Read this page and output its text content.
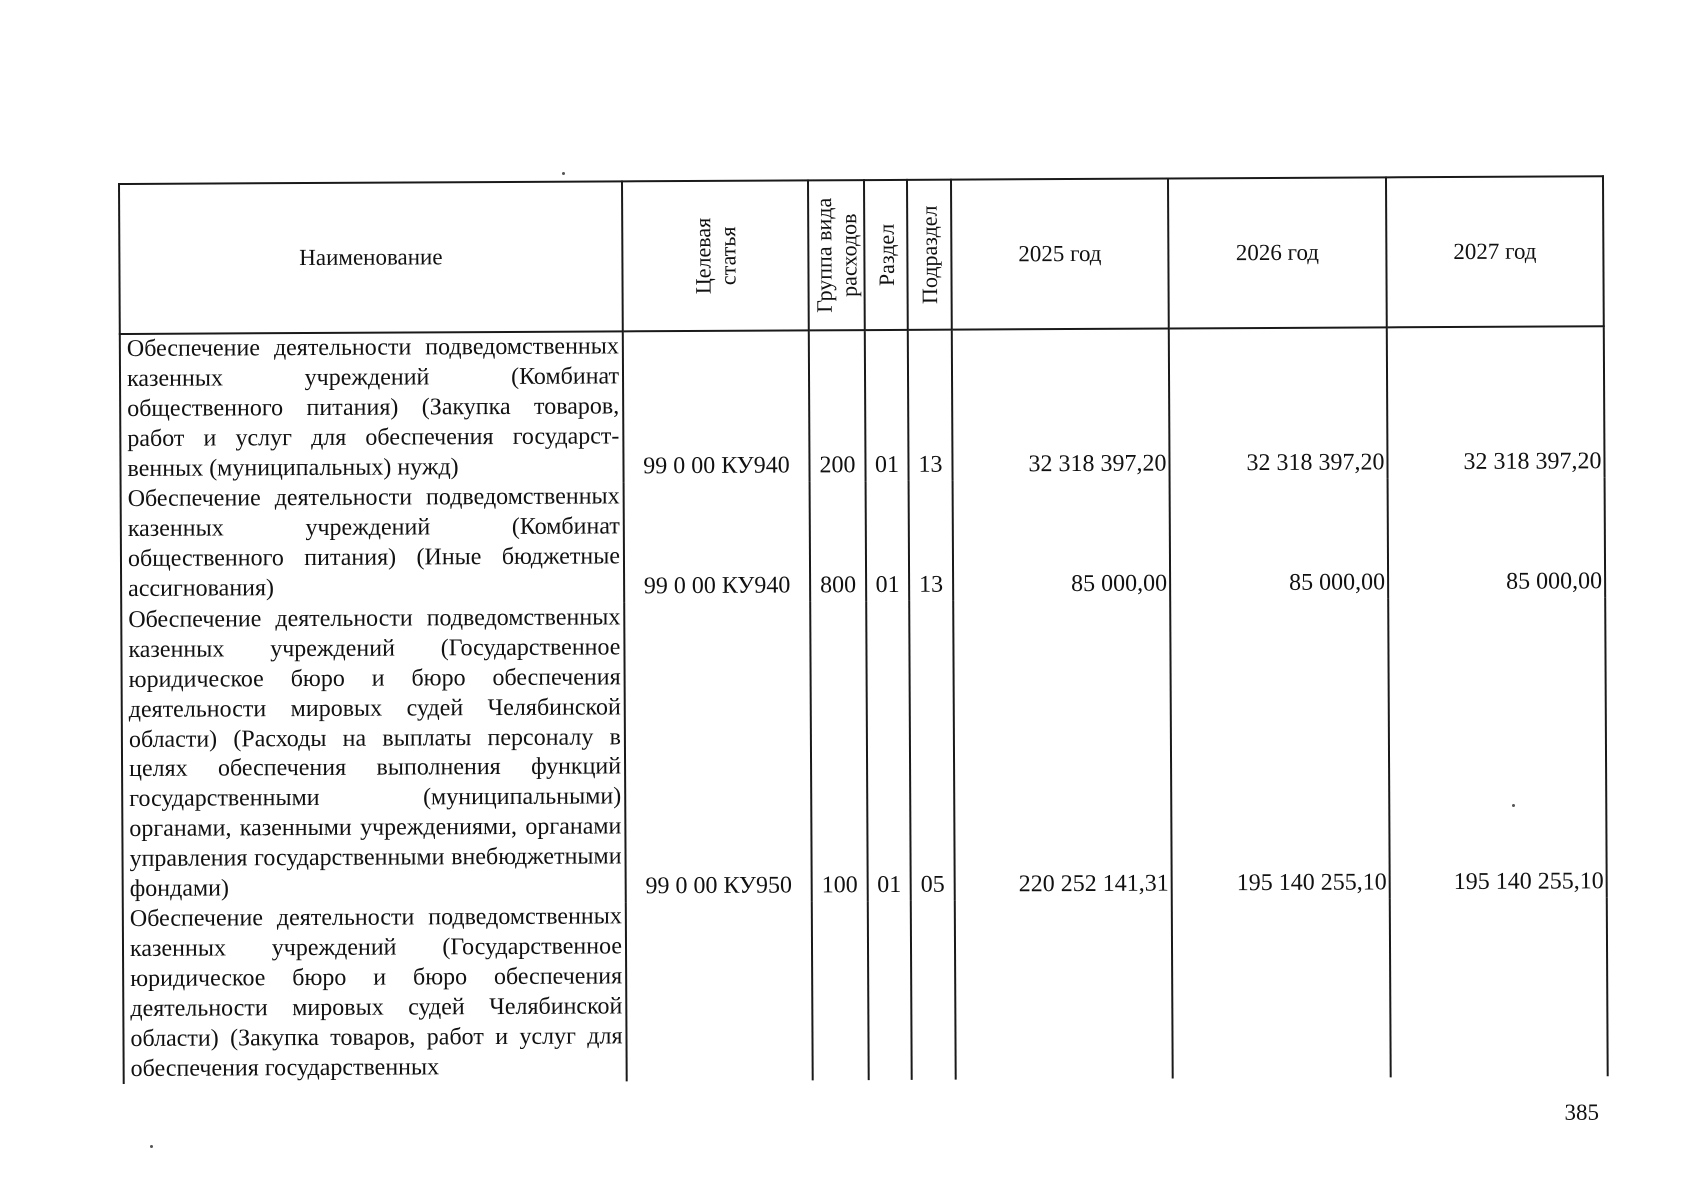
Наименование	Целевая статья	Группа вида расходов	Раздел	Подраздел	2025 год	2026 год	2027 год
Обеспечение деятельности подведомственных казенных учреждений (Комбинат общественного питания) (Закупка товаров, работ и услуг для обеспечения государственных (муниципальных) нужд)	99 0 00 КУ940	200	01	13	32 318 397,20	32 318 397,20	32 318 397,20
Обеспечение деятельности подведомственных казенных учреждений (Комбинат общественного питания) (Иные бюджетные ассигнования)	99 0 00 КУ940	800	01	13	85 000,00	85 000,00	85 000,00
Обеспечение деятельности подведомственных казенных учреждений (Государственное юридическое бюро и бюро обеспечения деятельности мировых судей Челябинской области) (Расходы на выплаты персоналу в целях обеспечения выполнения функций государственными (муниципальными) органами, казенными учреждениями, органами управления государственными внебюджетными фондами)	99 0 00 КУ950	100	01	05	220 252 141,31	195 140 255,10	195 140 255,10
Обеспечение деятельности подведомственных казенных учреждений (Государственное юридическое бюро и бюро обеспечения деятельности мировых судей Челябинской области) (Закупка товаров, работ и услуг для обеспечения государственных							
385
